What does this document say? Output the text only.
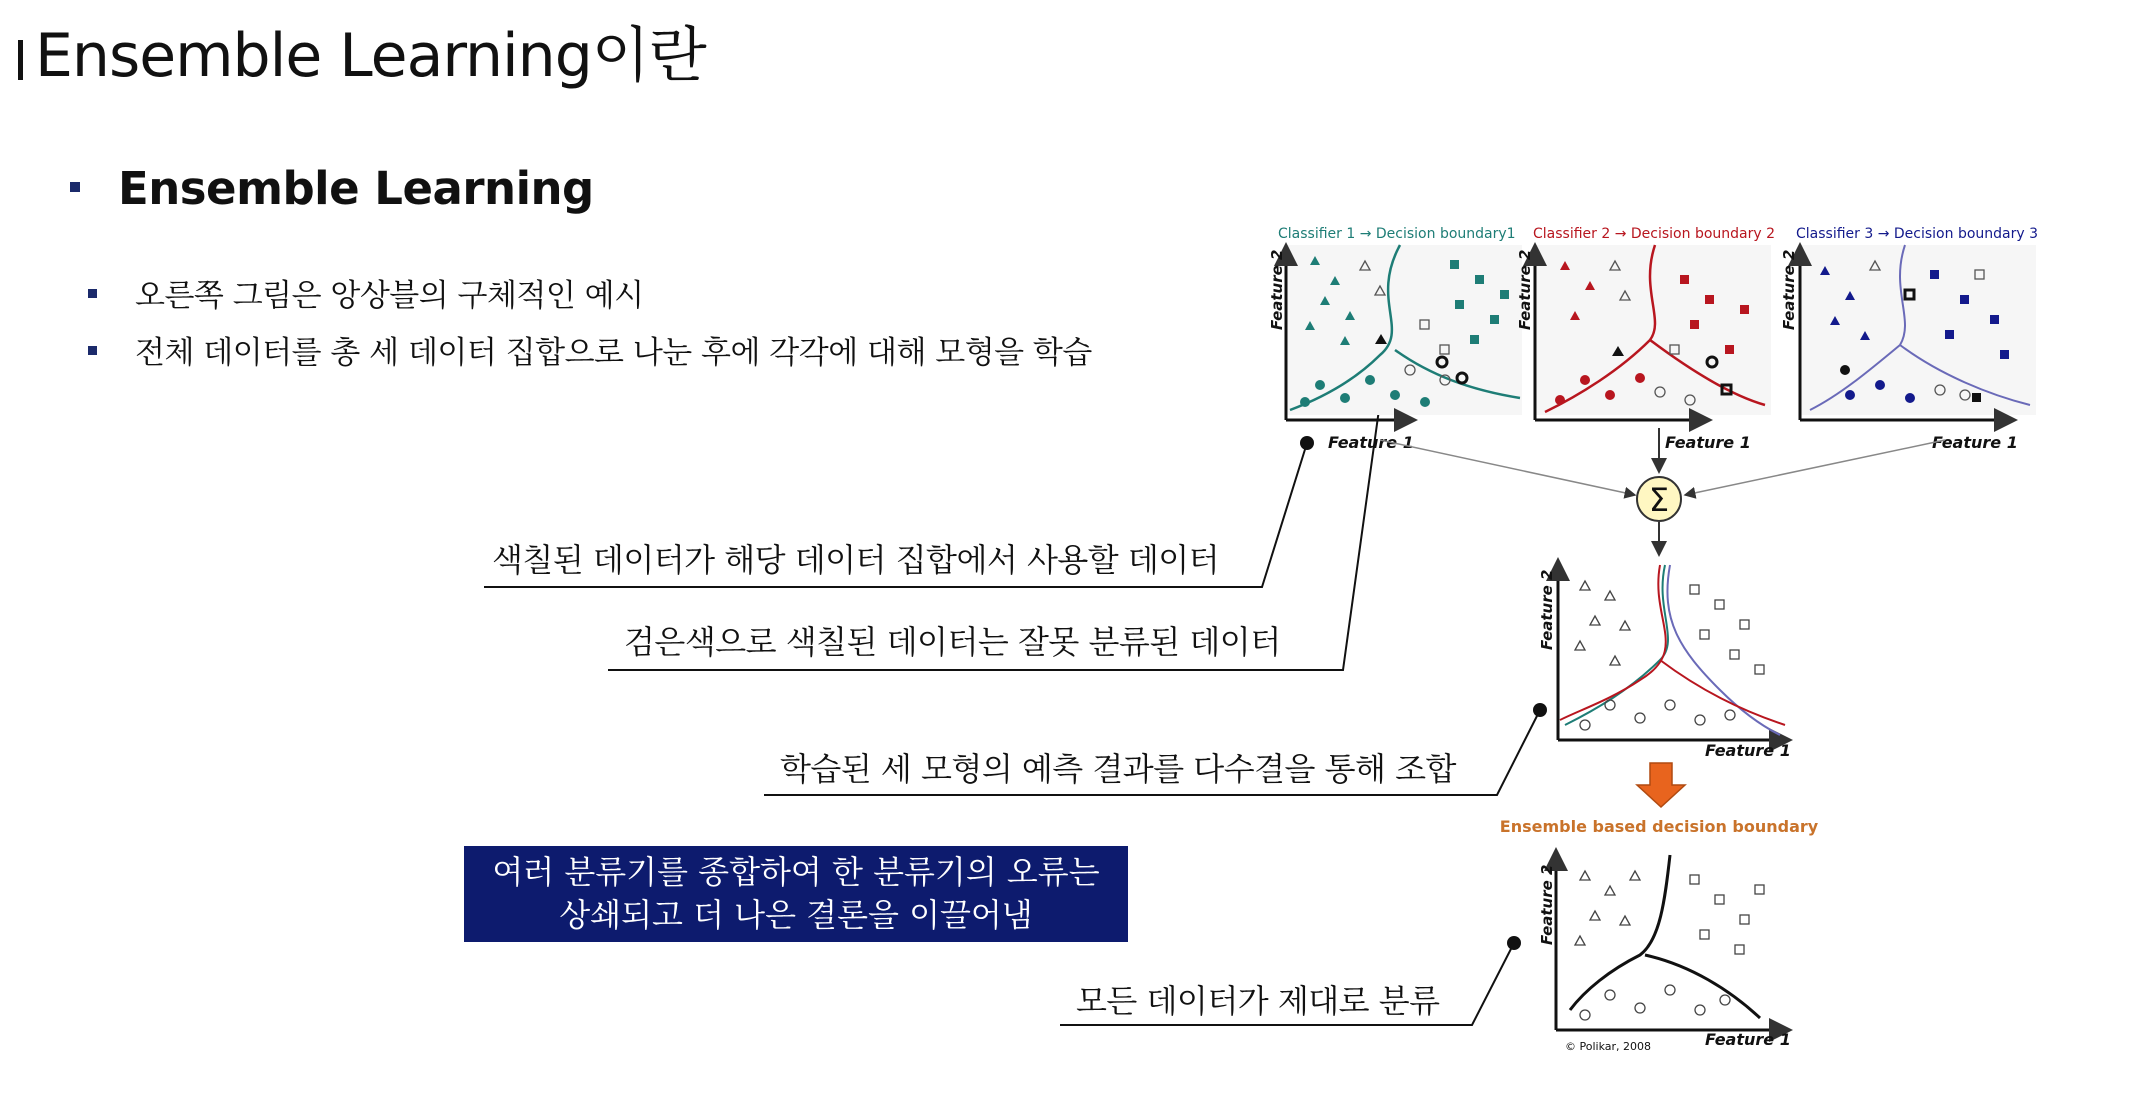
Ensemble Learning이란
Ensemble Learning
오른쪽 그림은 앙상블의 구체적인 예시
전체 데이터를 총 세 데이터 집합으로 나눈 후에 각각에 대해 모형을 학습
색칠된 데이터가 해당 데이터 집합에서 사용할 데이터
검은색으로 색칠된 데이터는 잘못 분류된 데이터
학습된 세 모형의 예측 결과를 다수결을 통해 조합
모든 데이터가 제대로 분류
여러 분류기를 종합하여 한 분류기의 오류는
상쇄되고 더 나은 결론을 이끌어냄
Classifier 1 → Decision boundary1 Classifier 2 → Decision boundary 2 Classifier 3 → Decision boundary 3
Feature 1
Feature 2
Feature 1
Feature 2
Feature 1
Feature 2
Σ
Feature 1
Feature 2
Ensemble based decision boundary
© Polikar, 2008	Feature 1
Feature 2
